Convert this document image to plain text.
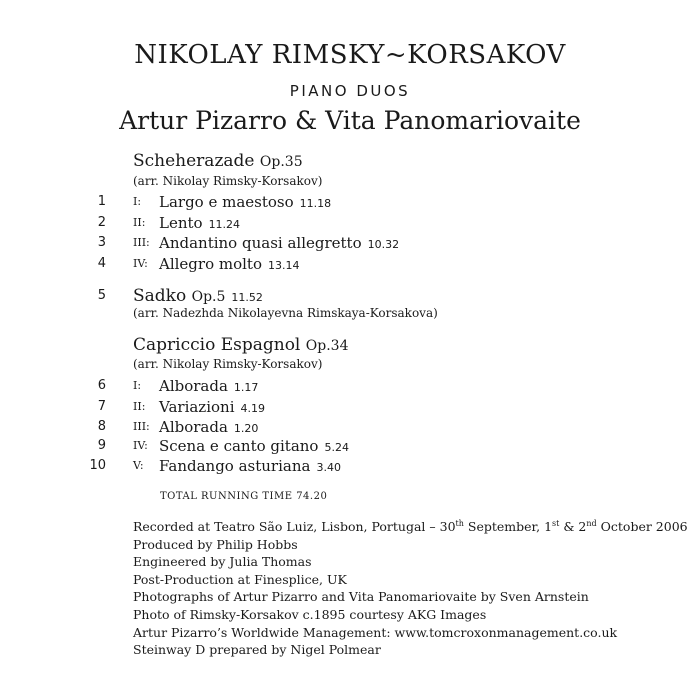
NIKOLAY RIMSKY~KORSAKOV
PIANO DUOS
Artur Pizarro & Vita Panomariovaite
Scheherazade Op.35
(arr. Nikolay Rimsky-Korsakov)
1 I: Largo e maestoso 11.18
2 II: Lento 11.24
3 III: Andantino quasi allegretto 10.32
4 IV: Allegro molto 13.14
5 Sadko Op.5 11.52
(arr. Nadezhda Nikolayevna Rimskaya-Korsakova)
Capriccio Espagnol Op.34
(arr. Nikolay Rimsky-Korsakov)
6 I: Alborada 1.17
7 II: Variazioni 4.19
8 III: Alborada 1.20
9 IV: Scena e canto gitano 5.24
10 V: Fandango asturiana 3.40
TOTAL RUNNING TIME 74.20
Recorded at Teatro São Luiz, Lisbon, Portugal – 30th September, 1st & 2nd October 2006
Produced by Philip Hobbs
Engineered by Julia Thomas
Post-Production at Finesplice, UK
Photographs of Artur Pizarro and Vita Panomariovaite by Sven Arnstein
Photo of Rimsky-Korsakov c.1895 courtesy AKG Images
Artur Pizarro’s Worldwide Management: www.tomcroxonmanagement.co.uk
Steinway D prepared by Nigel Polmear
